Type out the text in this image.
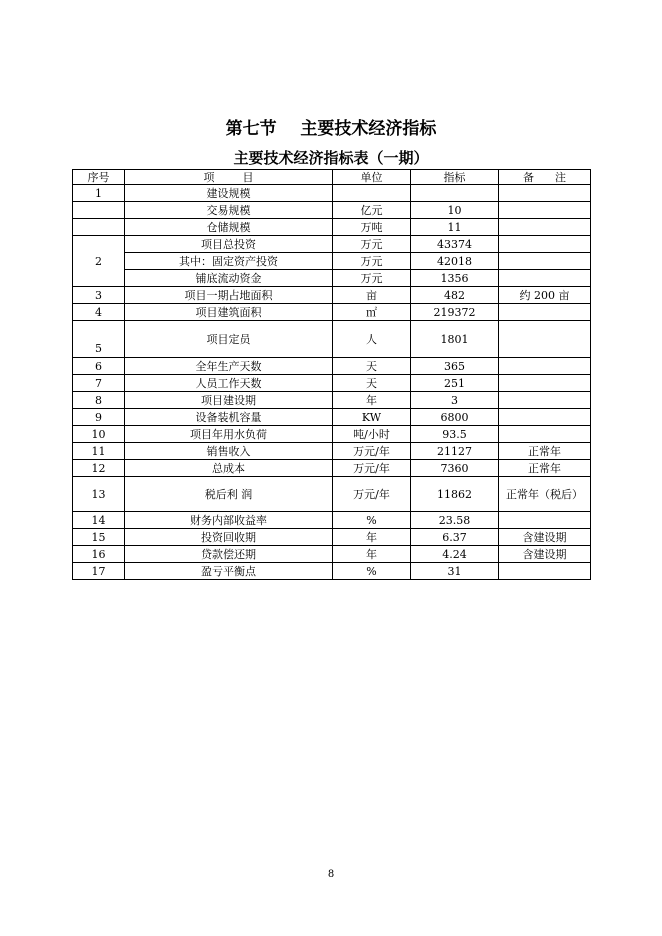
第七节    主要技术经济指标
主要技术经济指标表（一期）
序号	项        目	单位	指标	备      注
1	建设规模			
	交易规模	亿元	10	
	仓储规模	万吨	11	
2	项目总投资	万元	43374	
	其中：固定资产投资	万元	42018	
	铺底流动资金	万元	1356	
3	项目一期占地面积	亩	482	约 200 亩
4	项目建筑面积	㎡	219372	
5	项目定员	人	1801	
6	全年生产天数	天	365	
7	人员工作天数	天	251	
8	项目建设期	年	3	
9	设备装机容量	KW	6800	
10	项目年用水负荷	吨/小时	93.5	
11	销售收入	万元/年	21127	正常年
12	总成本	万元/年	7360	正常年
13	税后利 润	万元/年	11862	正常年（税后）
14	财务内部收益率	%	23.58	
15	投资回收期	年	6.37	含建设期
16	贷款偿还期	年	4.24	含建设期
17	盈亏平衡点	%	31	
8
